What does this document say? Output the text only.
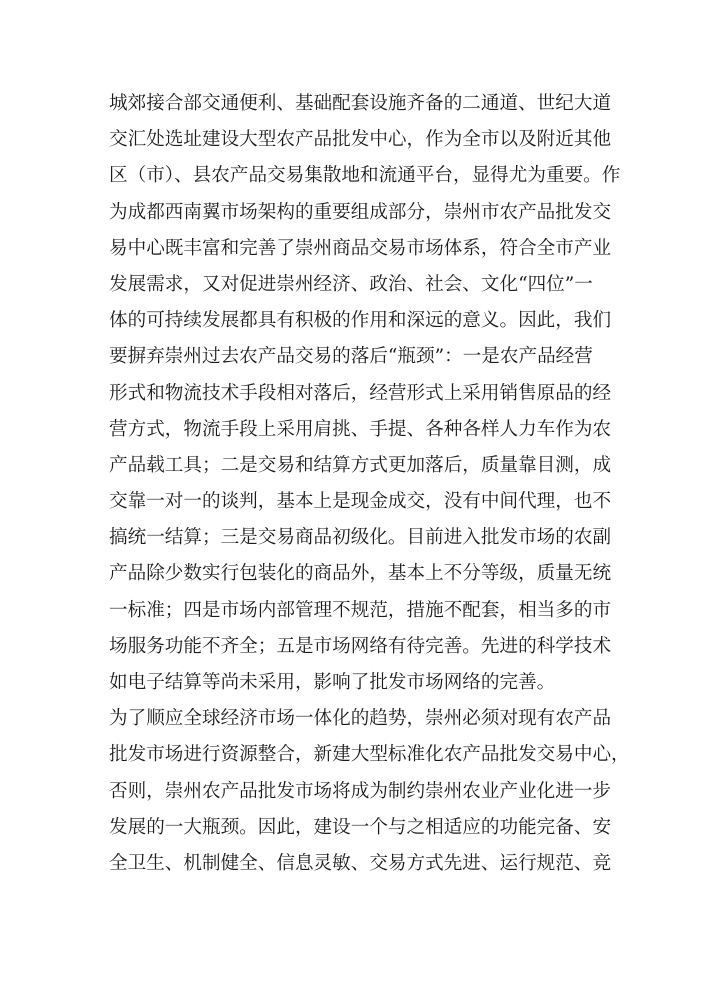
城郊接合部交通便利、基础配套设施齐备的二通道、世纪大道
交汇处选址建设大型农产品批发中心，作为全市以及附近其他
区（市）、县农产品交易集散地和流通平台，显得尤为重要。作
为成都西南翼市场架构的重要组成部分，崇州市农产品批发交
易中心既丰富和完善了崇州商品交易市场体系，符合全市产业
发展需求，又对促进崇州经济、政治、社会、文化“四位”一
体的可持续发展都具有积极的作用和深远的意义。因此，我们
要摒弃崇州过去农产品交易的落后“瓶颈”：一是农产品经营
形式和物流技术手段相对落后，经营形式上采用销售原品的经
营方式，物流手段上采用肩挑、手提、各种各样人力车作为农
产品载工具；二是交易和结算方式更加落后，质量靠目测，成
交靠一对一的谈判，基本上是现金成交，没有中间代理，也不
搞统一结算；三是交易商品初级化。目前进入批发市场的农副
产品除少数实行包装化的商品外，基本上不分等级，质量无统
一标准；四是市场内部管理不规范，措施不配套，相当多的市
场服务功能不齐全；五是市场网络有待完善。先进的科学技术
如电子结算等尚未采用，影响了批发市场网络的完善。
为了顺应全球经济市场一体化的趋势，崇州必须对现有农产品
批发市场进行资源整合，新建大型标准化农产品批发交易中心，
否则，崇州农产品批发市场将成为制约崇州农业产业化进一步
发展的一大瓶颈。因此，建设一个与之相适应的功能完备、安
全卫生、机制健全、信息灵敏、交易方式先进、运行规范、竞
